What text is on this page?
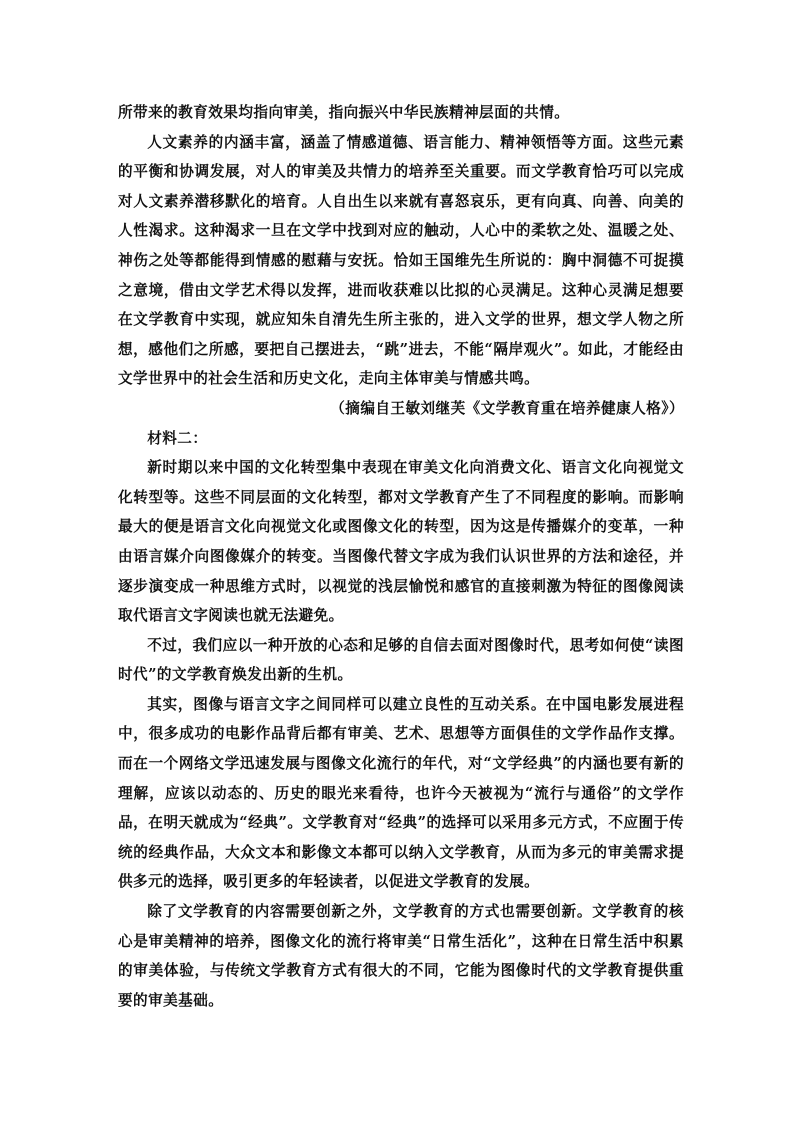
所带来的教育效果均指向审美，指向振兴中华民族精神层面的共情。

人文素养的内涵丰富，涵盖了情感道德、语言能力、精神领悟等方面。这些元素的平衡和协调发展，对人的审美及共情力的培养至关重要。而文学教育恰巧可以完成对人文素养潜移默化的培育。人自出生以来就有喜怒哀乐，更有向真、向善、向美的人性渴求。这种渴求一旦在文学中找到对应的触动，人心中的柔软之处、温暖之处、神伤之处等都能得到情感的慰藉与安抚。恰如王国维先生所说的：胸中洞德不可捉摸之意境，借由文学艺术得以发挥，进而收获难以比拟的心灵满足。这种心灵满足想要在文学教育中实现，就应知朱自清先生所主张的，进入文学的世界，想文学人物之所想，感他们之所感，要把自己摆进去，“跳”进去，不能“隔岸观火”。如此，才能经由文学世界中的社会生活和历史文化，走向主体审美与情感共鸣。

（摘编自王敏刘继芙《文学教育重在培养健康人格》）

材料二：

新时期以来中国的文化转型集中表现在审美文化向消费文化、语言文化向视觉文化转型等。这些不同层面的文化转型，都对文学教育产生了不同程度的影响。而影响最大的便是语言文化向视觉文化或图像文化的转型，因为这是传播媒介的变革，一种由语言媒介向图像媒介的转变。当图像代替文字成为我们认识世界的方法和途径，并逐步演变成一种思维方式时，以视觉的浅层愉悦和感官的直接刺激为特征的图像阅读取代语言文字阅读也就无法避免。

不过，我们应以一种开放的心态和足够的自信去面对图像时代，思考如何使“读图时代”的文学教育焕发出新的生机。

其实，图像与语言文字之间同样可以建立良性的互动关系。在中国电影发展进程中，很多成功的电影作品背后都有审美、艺术、思想等方面俱佳的文学作品作支撑。而在一个网络文学迅速发展与图像文化流行的年代，对“文学经典”的内涵也要有新的理解，应该以动态的、历史的眼光来看待，也许今天被视为“流行与通俗”的文学作品，在明天就成为“经典”。文学教育对“经典”的选择可以采用多元方式，不应囿于传统的经典作品，大众文本和影像文本都可以纳入文学教育，从而为多元的审美需求提供多元的选择，吸引更多的年轻读者，以促进文学教育的发展。

除了文学教育的内容需要创新之外，文学教育的方式也需要创新。文学教育的核心是审美精神的培养，图像文化的流行将审美“日常生活化”，这种在日常生活中积累的审美体验，与传统文学教育方式有很大的不同，它能为图像时代的文学教育提供重要的审美基础。
